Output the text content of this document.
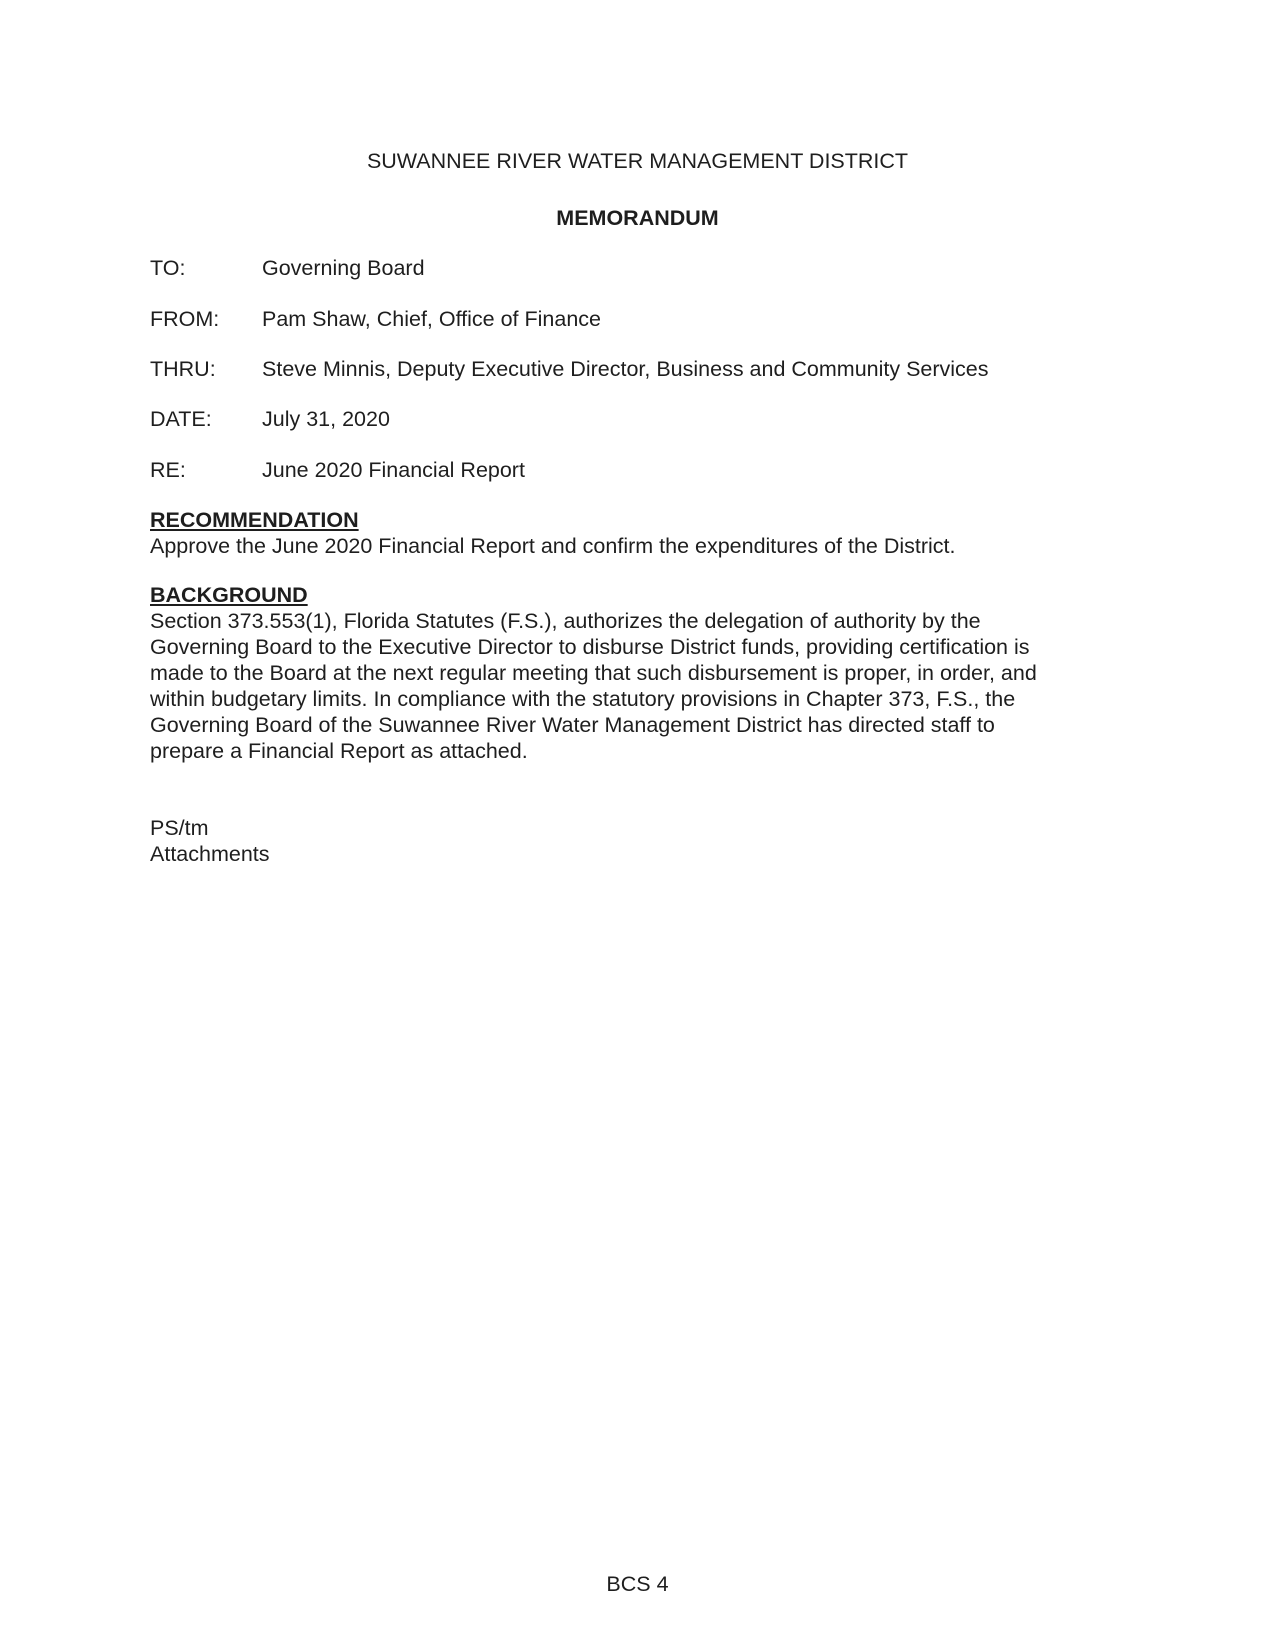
SUWANNEE RIVER WATER MANAGEMENT DISTRICT
MEMORANDUM
TO:	Governing Board
FROM: Pam Shaw, Chief, Office of Finance
THRU: Steve Minnis, Deputy Executive Director, Business and Community Services
DATE: July 31, 2020
RE:	June 2020 Financial Report
RECOMMENDATION
Approve the June 2020 Financial Report and confirm the expenditures of the District.
BACKGROUND
Section 373.553(1), Florida Statutes (F.S.), authorizes the delegation of authority by the
Governing Board to the Executive Director to disburse District funds, providing certification is
made to the Board at the next regular meeting that such disbursement is proper, in order, and
within budgetary limits. In compliance with the statutory provisions in Chapter 373, F.S., the
Governing Board of the Suwannee River Water Management District has directed staff to
prepare a Financial Report as attached.
PS/tm
Attachments
BCS 4
